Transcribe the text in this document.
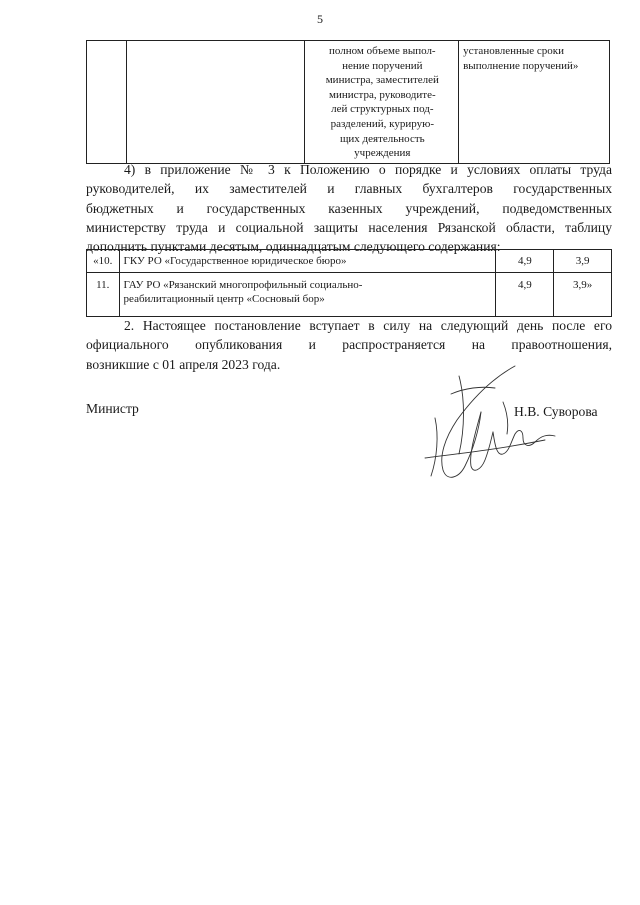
5
		полном объеме выпол-
нение поручений
министра, заместителей
министра, руководите-
лей структурных под-
разделений, курирую-
щих деятельность
учреждения	установленные сроки
выполнение поручений»
4) в приложение № 3 к Положению о порядке и условиях оплаты труда
руководителей, их заместителей и главных бухгалтеров государственных
бюджетных и государственных казенных учреждений, подведомственных
министерству труда и социальной защиты населения Рязанской области, таблицу
дополнить пунктами десятым, одиннадцатым следующего содержания:
«10.	ГКУ РО «Государственное юридическое бюро»	4,9	3,9
11.	ГАУ РО «Рязанский многопрофильный социально-
реабилитационный центр «Сосновый бор»	4,9	3,9»
2. Настоящее постановление вступает в силу на следующий день после его
официального опубликования и распространяется на правоотношения,
возникшие с 01 апреля 2023 года.
Министр	Н.В. Суворова
